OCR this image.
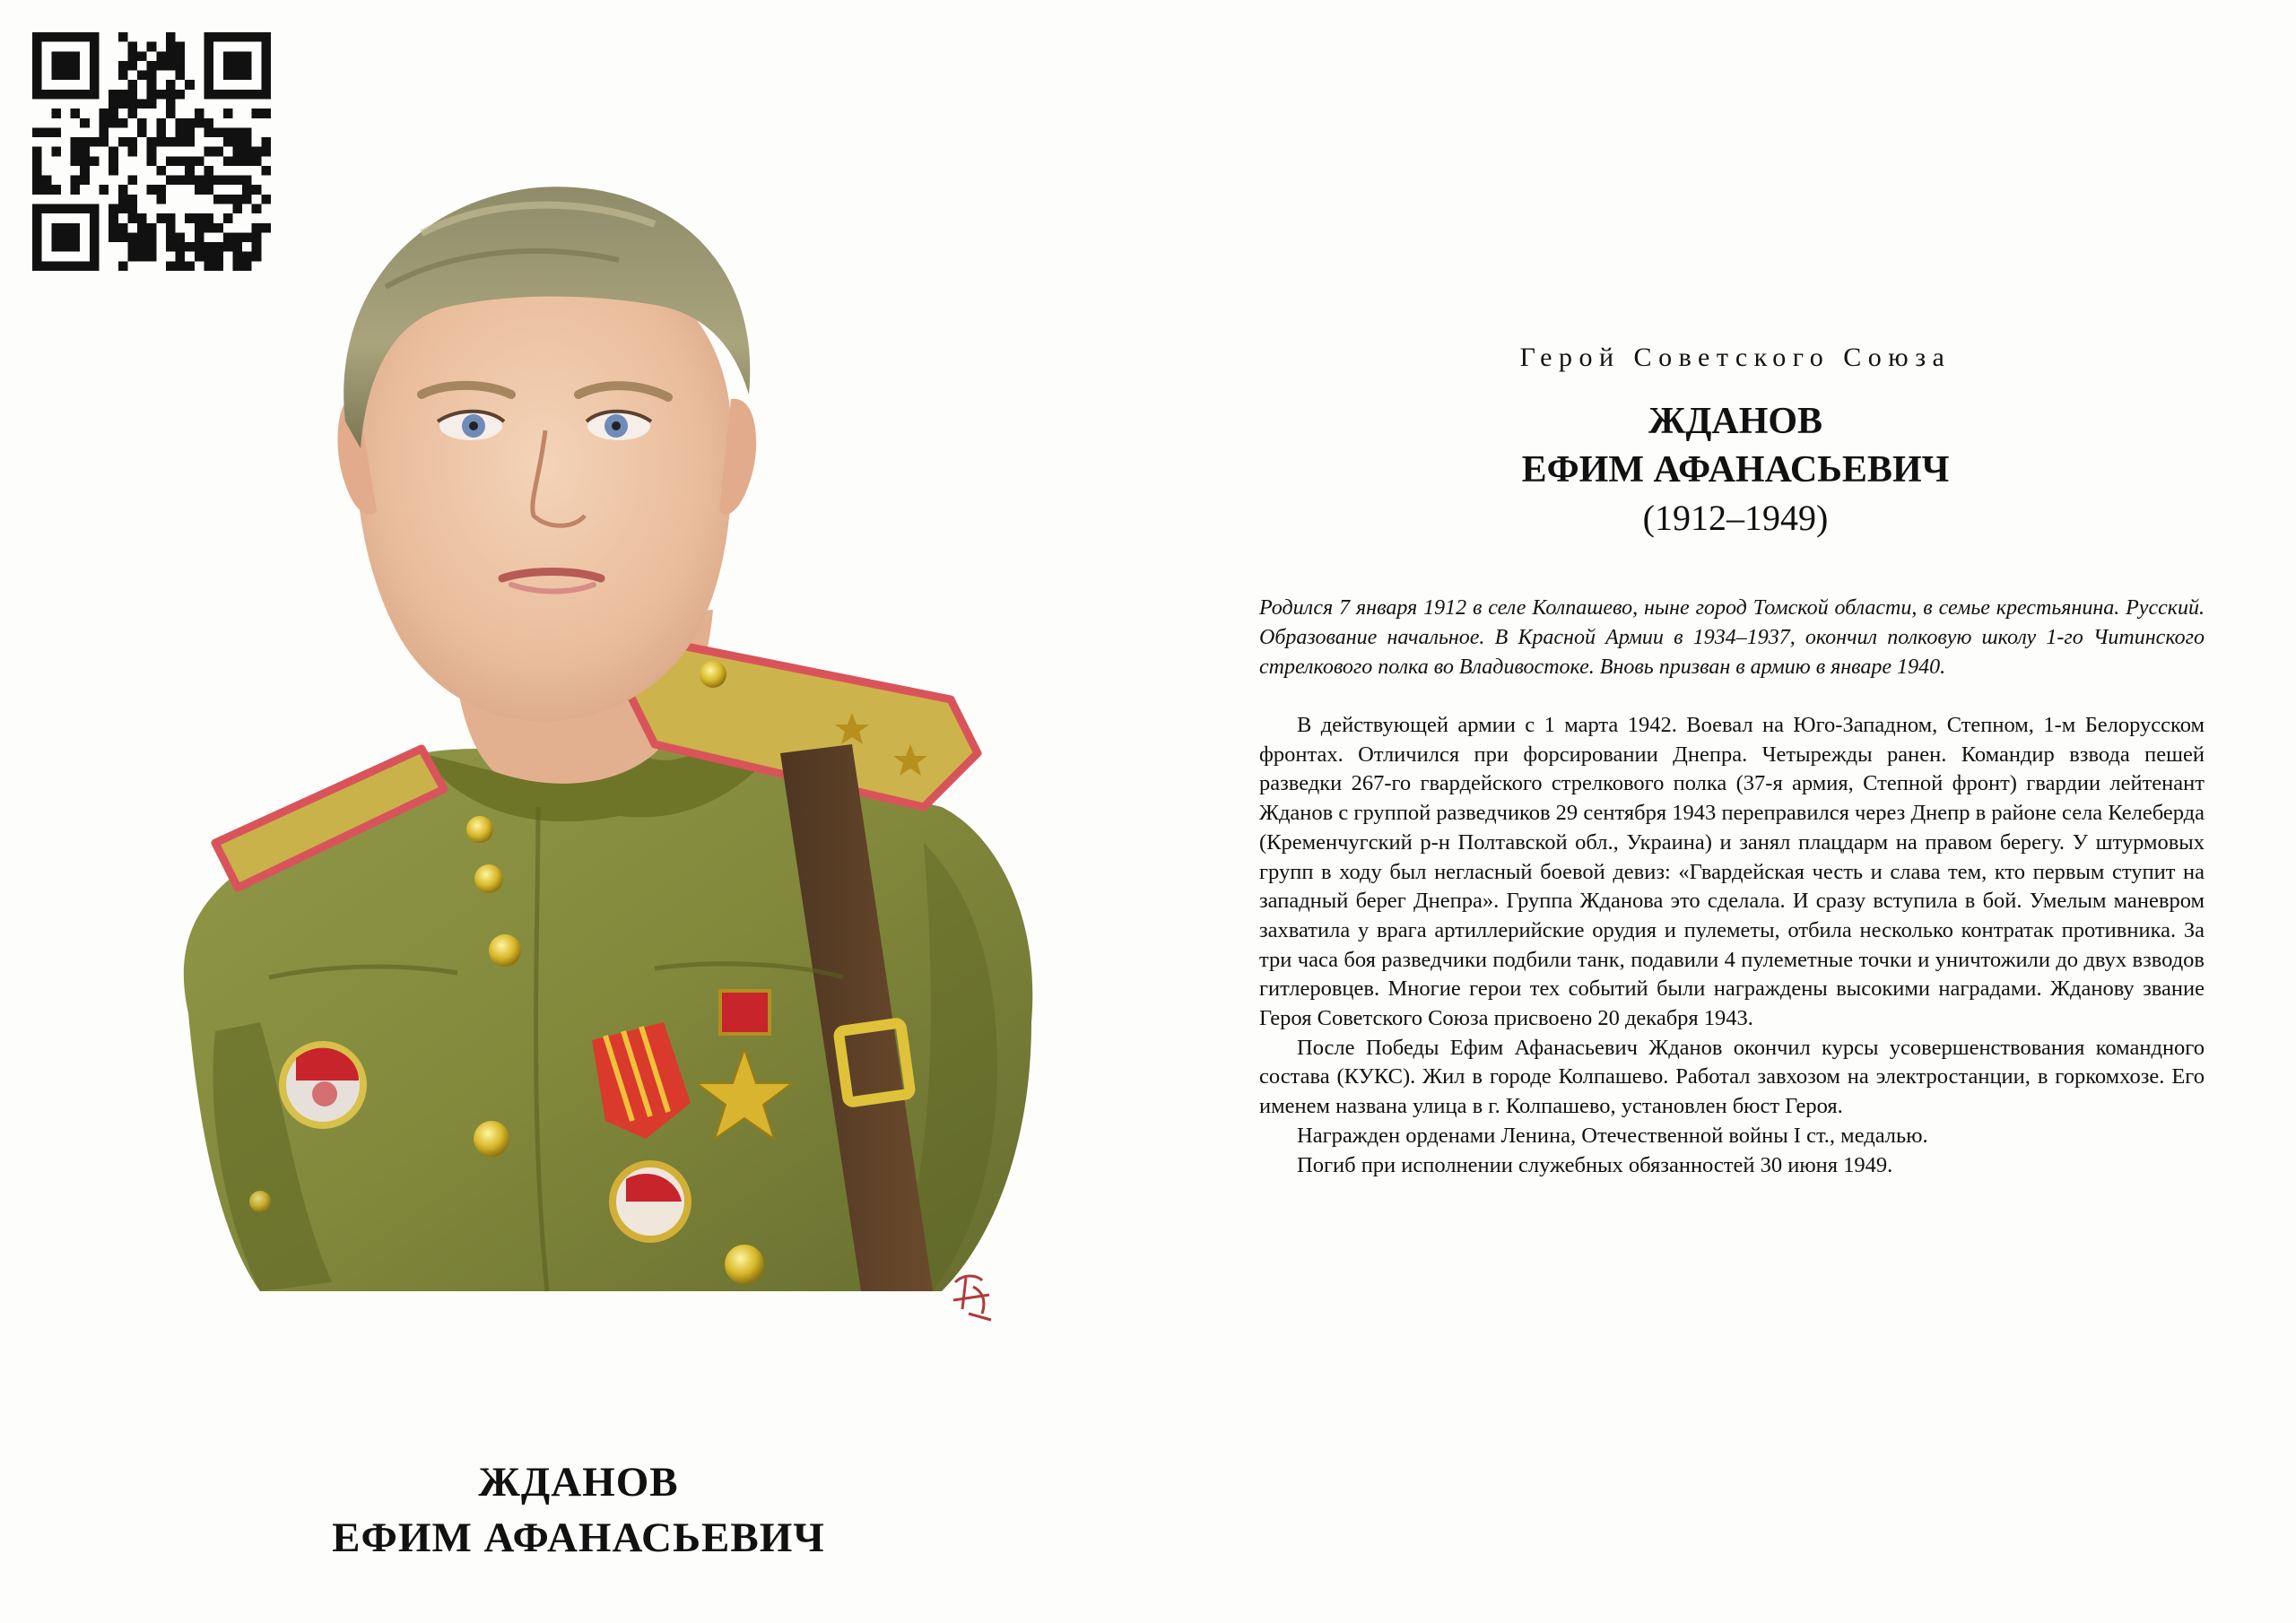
ЖДАНОВ
ЕФИМ АФАНАСЬЕВИЧ
Герой Советского Союза
ЖДАНОВ
ЕФИМ АФАНАСЬЕВИЧ
(1912–1949)

Родился 7 января 1912 в селе Колпашево, ныне город Томской области, в семье крестьянина. Русский. Образование начальное. В Красной Армии в 1934–1937, окончил полковую школу 1-го Читинского стрелкового полка во Владивостоке. Вновь призван в армию в январе 1940.

В действующей армии с 1 марта 1942. Воевал на Юго-Западном, Степном, 1-м Белорусском фронтах. Отличился при форсировании Днепра. Четырежды ранен. Командир взвода пешей разведки 267-го гвардейского стрелкового полка (37-я армия, Степной фронт) гвардии лейтенант Жданов с группой разведчиков 29 сентября 1943 переправился через Днепр в районе села Келеберда (Кременчугский р-н Полтавской обл., Украина) и занял плацдарм на правом берегу. У штурмовых групп в ходу был негласный боевой девиз: «Гвардейская честь и слава тем, кто первым ступит на западный берег Днепра». Группа Жданова это сделала. И сразу вступила в бой. Умелым маневром захватила у врага артиллерийские орудия и пулеметы, отбила несколько контратак противника. За три часа боя разведчики подбили танк, подавили 4 пулеметные точки и уничтожили до двух взводов гитлеровцев. Многие герои тех событий были награждены высокими наградами. Жданову звание Героя Советского Союза присвоено 20 декабря 1943.

После Победы Ефим Афанасьевич Жданов окончил курсы усовершенствования командного состава (КУКС). Жил в городе Колпашево. Работал завхозом на электростанции, в горкомхозе. Его именем названа улица в г. Колпашево, установлен бюст Героя.

Награжден орденами Ленина, Отечественной войны I ст., медалью.

Погиб при исполнении служебных обязанностей 30 июня 1949.
